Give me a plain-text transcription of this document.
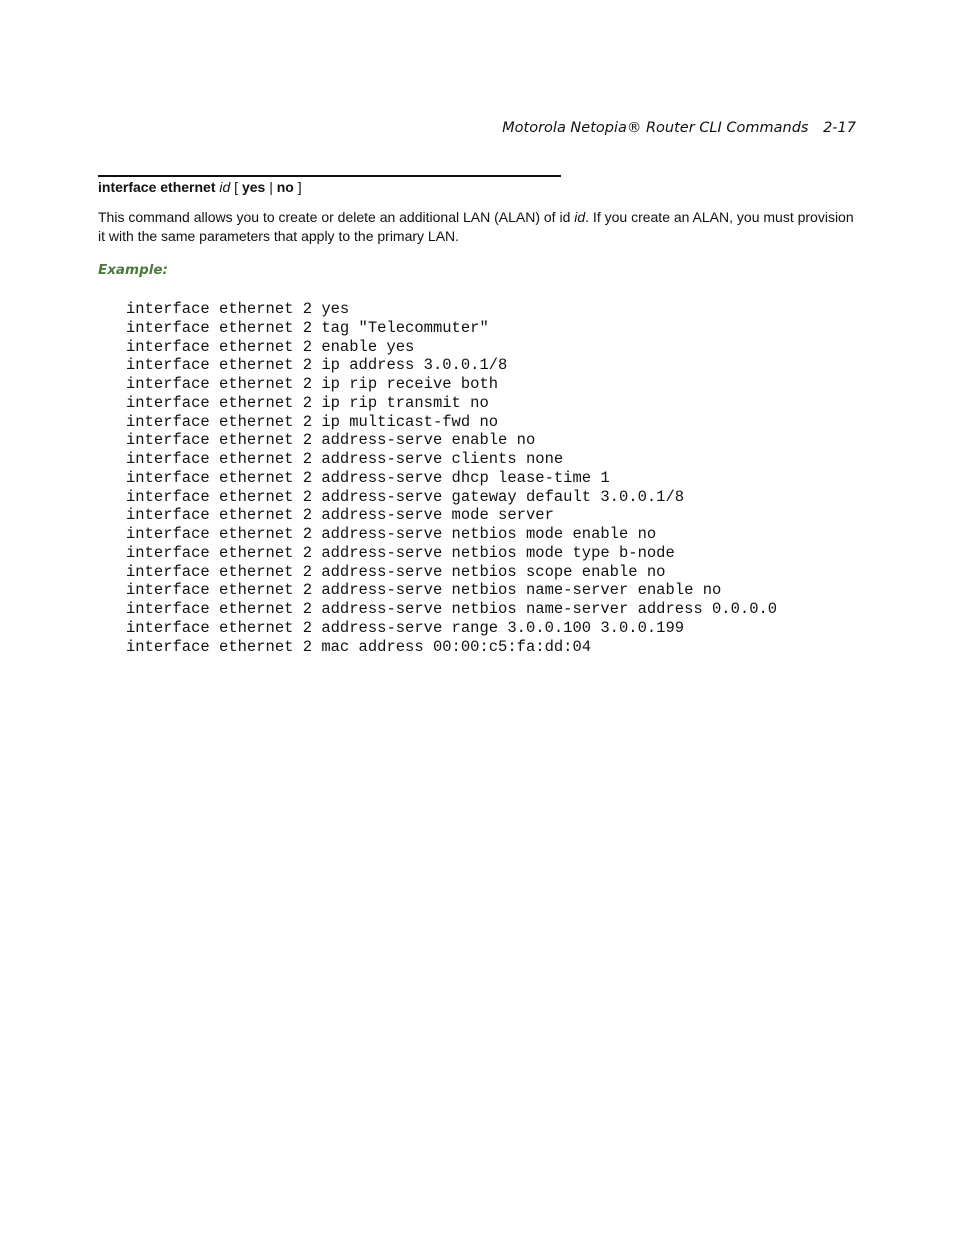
Motorola Netopia® Router CLI Commands 2-17
interface ethernet id [ yes | no ]
This command allows you to create or delete an additional LAN (ALAN) of id id. If you create an ALAN, you must provision it with the same parameters that apply to the primary LAN.
Example:
interface ethernet 2 yes
interface ethernet 2 tag "Telecommuter"
interface ethernet 2 enable yes
interface ethernet 2 ip address 3.0.0.1/8
interface ethernet 2 ip rip receive both
interface ethernet 2 ip rip transmit no
interface ethernet 2 ip multicast-fwd no
interface ethernet 2 address-serve enable no
interface ethernet 2 address-serve clients none
interface ethernet 2 address-serve dhcp lease-time 1
interface ethernet 2 address-serve gateway default 3.0.0.1/8
interface ethernet 2 address-serve mode server
interface ethernet 2 address-serve netbios mode enable no
interface ethernet 2 address-serve netbios mode type b-node
interface ethernet 2 address-serve netbios scope enable no
interface ethernet 2 address-serve netbios name-server enable no
interface ethernet 2 address-serve netbios name-server address 0.0.0.0
interface ethernet 2 address-serve range 3.0.0.100 3.0.0.199
interface ethernet 2 mac address 00:00:c5:fa:dd:04
